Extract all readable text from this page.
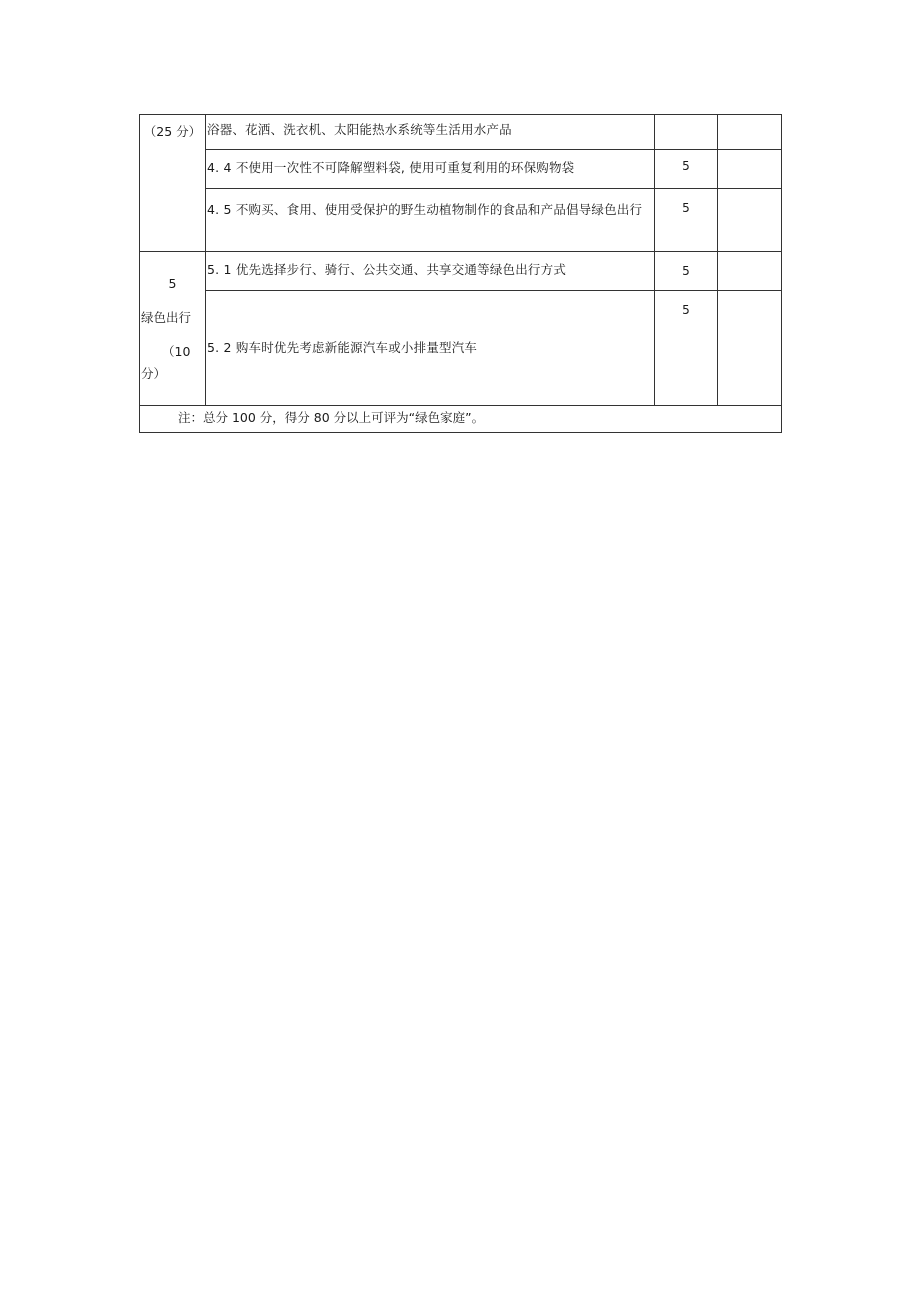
（25 分）	浴器、花洒、洗衣机、太阳能热水系统等生活用水产品		

	4. 4 不使用一次性不可降解塑料袋, 使用可重复利用的环保购物袋	5	

	4. 5 不购买、食用、使用受保护的野生动植物制作的食品和产品倡导绿色出行	5	

5
绿色出行
（10
分）	5. 1 优先选择步行、骑行、公共交通、共享交通等绿色出行方式	5	

	5. 2 购车时优先考虑新能源汽车或小排量型汽车	5	

注：总分 100 分，得分 80 分以上可评为“绿色家庭”。			
